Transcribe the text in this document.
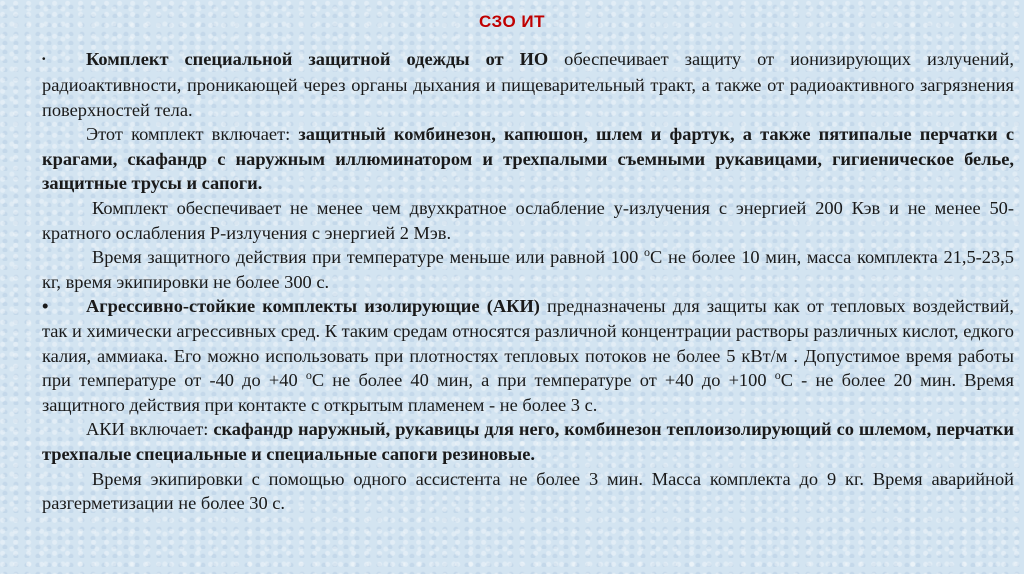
СЗО ИТ

• Комплект специальной защитной одежды от ИО обеспечивает защиту от ионизирующих излучений, радиоактивности, проникающей через органы дыхания и пищеварительный тракт, а также от радиоактивного загрязнения поверхностей тела.

Этот комплект включает: защитный комбинезон, капюшон, шлем и фартук, а также пятипалые перчатки с крагами, скафандр с наружным иллюминатором и трехпалыми съемными рукавицами, гигиеническое белье, защитные трусы и сапоги.

Комплект обеспечивает не менее чем двухкратное ослабление у-излучения с энергией 200 Кэв и не менее 50-кратного ослабления Р-излучения с энергией 2 Мэв.

Время защитного действия при температуре меньше или равной 100 $^о$С не более 10 мин, масса комплекта 21,5-23,5 кг, время экипировки не более 300 с.

• Агрессивно-стойкие комплекты изолирующие (АКИ) предназначены для защиты как от тепловых воздействий, так и химически агрессивных сред. К таким средам относятся различной концентрации растворы различных кислот, едкого калия, аммиака. Его можно использовать при плотностях тепловых потоков не более 5 кВт/м . Допустимое время работы при температуре от -40 до +40 $^о$С не более 40 мин, а при температуре от +40 до +100 $^о$С - не более 20 мин. Время защитного действия при контакте с открытым пламенем - не более 3 с.

АКИ включает: скафандр наружный, рукавицы для него, комбинезон теплоизолирующий со шлемом, перчатки трехпалые специальные и специальные сапоги резиновые.

Время экипировки с помощью одного ассистента не более 3 мин. Масса комплекта до 9 кг. Время аварийной разгерметизации не более 30 с.
